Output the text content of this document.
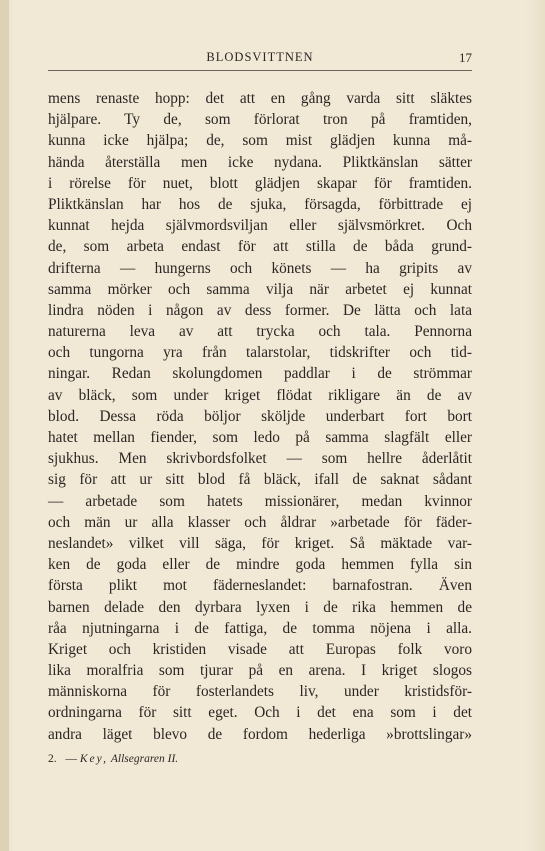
BLODSVITTNEN	17
mens renaste hopp: det att en gång varda sitt släktes
hjälpare. Ty de, som förlorat tron på framtiden,
kunna icke hjälpa; de, som mist glädjen kunna må-
hända återställa men icke nydana. Pliktkänslan sätter
i rörelse för nuet, blott glädjen skapar för framtiden.
Pliktkänslan har hos de sjuka, försagda, förbittrade ej
kunnat hejda självmordsviljan eller självsmörkret. Och
de, som arbeta endast för att stilla de båda grund-
drifterna — hungerns och könets — ha gripits av
samma mörker och samma vilja när arbetet ej kunnat
lindra nöden i någon av dess former. De lätta och lata
naturerna leva av att trycka och tala. Pennorna
och tungorna yra från talarstolar, tidskrifter och tid-
ningar. Redan skolungdomen paddlar i de strömmar
av bläck, som under kriget flödat rikligare än de av
blod. Dessa röda böljor sköljde underbart fort bort
hatet mellan fiender, som ledo på samma slagfält eller
sjukhus. Men skrivbordsfolket — som hellre åderlåtit
sig för att ur sitt blod få bläck, ifall de saknat sådant
— arbetade som hatets missionärer, medan kvinnor
och män ur alla klasser och åldrar »arbetade för fäder-
neslandet» vilket vill säga, för kriget. Så mäktade var-
ken de goda eller de mindre goda hemmen fylla sin
första plikt mot fäderneslandet: barnafostran. Även
barnen delade den dyrbara lyxen i de rika hemmen de
råa njutningarna i de fattiga, de tomma nöjena i alla.
Kriget och kristiden visade att Europas folk voro
lika moralfria som tjurar på en arena. I kriget slogos
människorna för fosterlandets liv, under kristidsför-
ordningarna för sitt eget. Och i det ena som i det
andra läget blevo de fordom hederliga »brottslingar»
2. — Key, Allsegraren II.
